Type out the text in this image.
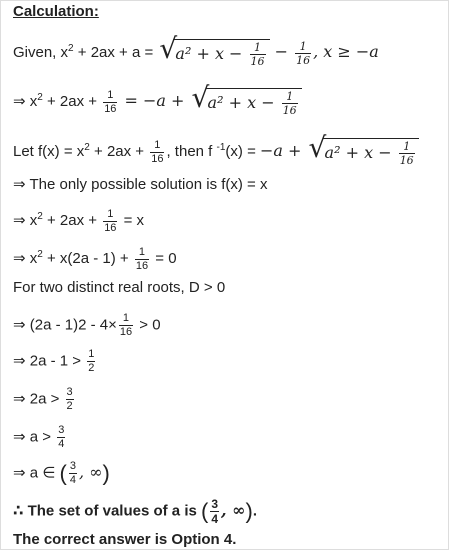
Calculation:
Given, $x^2 + 2ax + a$ = √ $a^2 + x - \frac{1}{16} - \frac{1}{16}$ , x ≥ −a
⇒ $x^2 + 2ax + \frac{1}{16} = -a$ + √ $a^2 + x - \frac{1}{16}$
Let $f(x) = x^2 + 2ax + \frac{1}{16}$ , then f $^{-1}$(x) = −a + √ $a^2 + x - \frac{1}{16}$
⇒ The only possible solution is f(x) = x
⇒ $x^2 + 2ax + \frac{1}{16} = x$
⇒ $x^2 + x(2a - 1) + \frac{1}{16} = 0$
For two distinct real roots, D > 0
⇒ $(2a - 1)2 - 4\times \frac{1}{16} > 0$
⇒ $2a - 1 > \frac{1}{2}$
⇒ $2a > \frac{3}{2}$
⇒ $a > \frac{3}{4}$
⇒ a ∈ ( $\frac{3}{4}$ , ∞)
∴ The set of values of a is ( $\frac{3}{4}$ , ∞).
The correct answer is Option 4.
